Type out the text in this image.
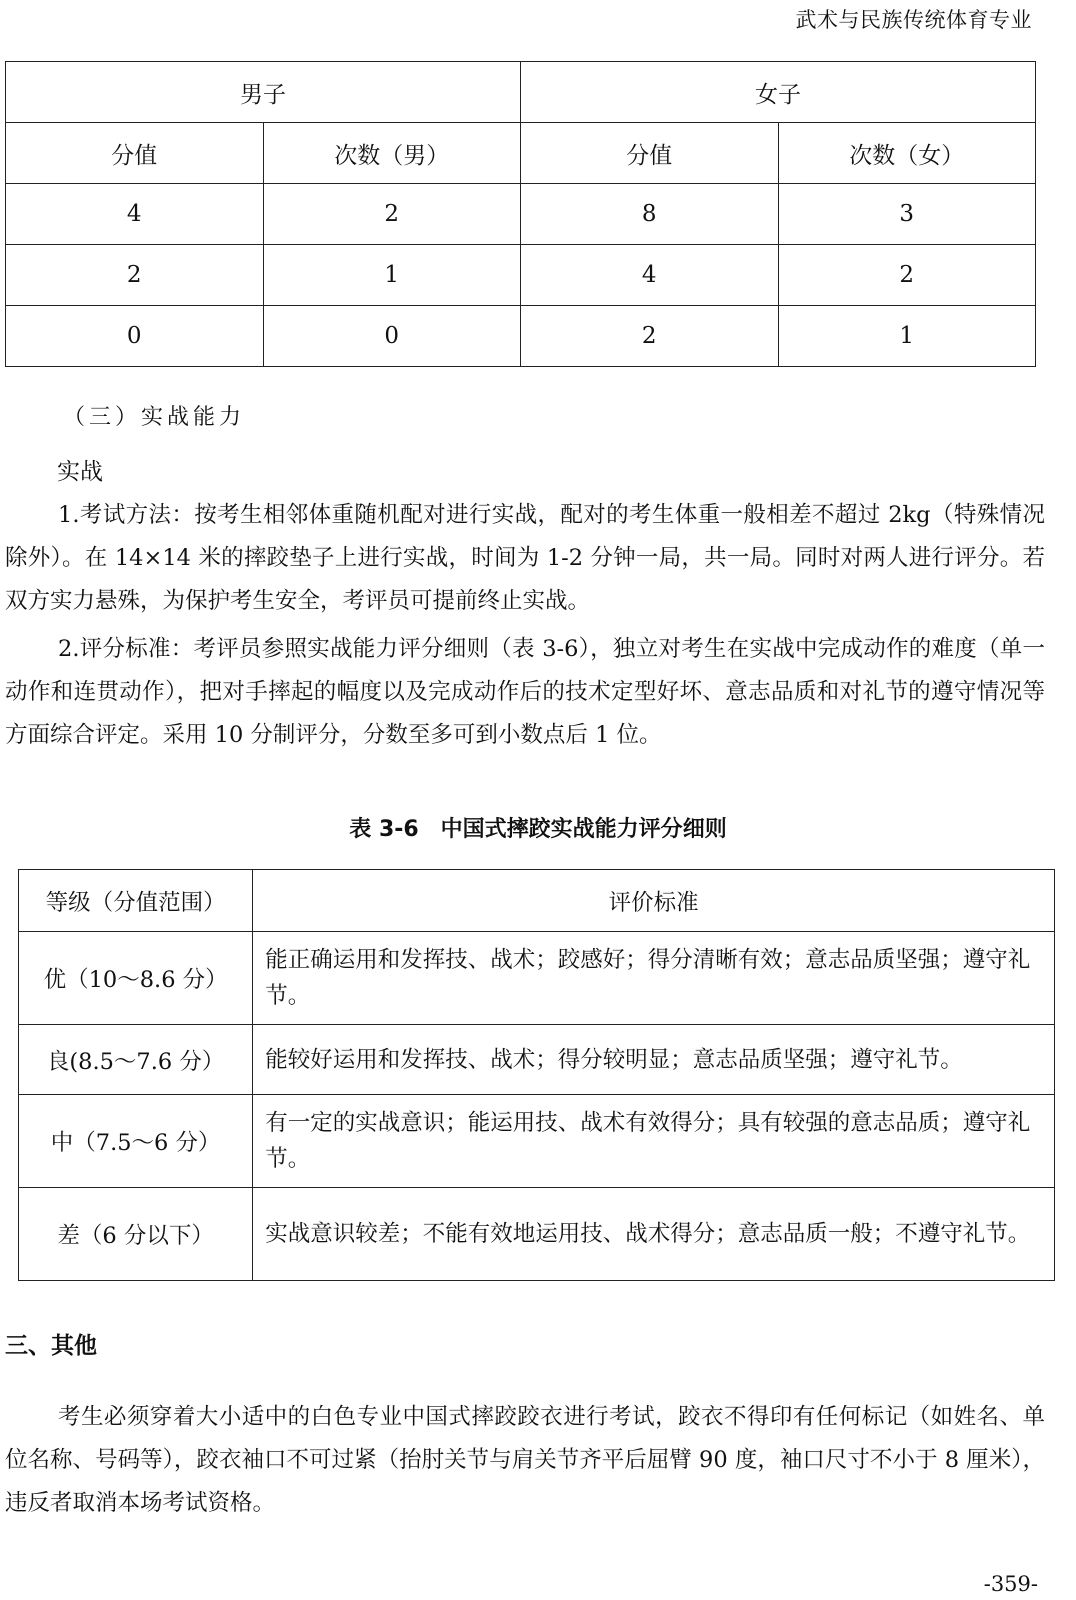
武术与民族传统体育专业
男子		女子	
分值	次数（男）	分值	次数（女）
4	2	8	3
2	1	4	2
0	0	2	1
（三）实战能力
实战

1.考试方法：按考生相邻体重随机配对进行实战，配对的考生体重一般相差不超过 2kg（特殊情况除外）。在 14×14 米的摔跤垫子上进行实战，时间为 1-2 分钟一局，共一局。同时对两人进行评分。若双方实力悬殊，为保护考生安全，考评员可提前终止实战。

2.评分标准：考评员参照实战能力评分细则（表 3-6），独立对考生在实战中完成动作的难度（单一动作和连贯动作），把对手摔起的幅度以及完成动作后的技术定型好坏、意志品质和对礼节的遵守情况等方面综合评定。采用 10 分制评分，分数至多可到小数点后 1 位。

表 3-6　中国式摔跤实战能力评分细则
等级（分值范围）	评价标准
优（10～8.6 分）	能正确运用和发挥技、战术；跤感好；得分清晰有效；意志品质坚强；遵守礼节。
良(8.5～7.6 分）	能较好运用和发挥技、战术；得分较明显；意志品质坚强；遵守礼节。
中（7.5～6 分）	有一定的实战意识；能运用技、战术有效得分；具有较强的意志品质；遵守礼节。
差（6 分以下）	实战意识较差；不能有效地运用技、战术得分；意志品质一般；不遵守礼节。
三、其他

考生必须穿着大小适中的白色专业中国式摔跤跤衣进行考试，跤衣不得印有任何标记（如姓名、单位名称、号码等），跤衣袖口不可过紧（抬肘关节与肩关节齐平后屈臂 90 度，袖口尺寸不小于 8 厘米），违反者取消本场考试资格。

-359-
